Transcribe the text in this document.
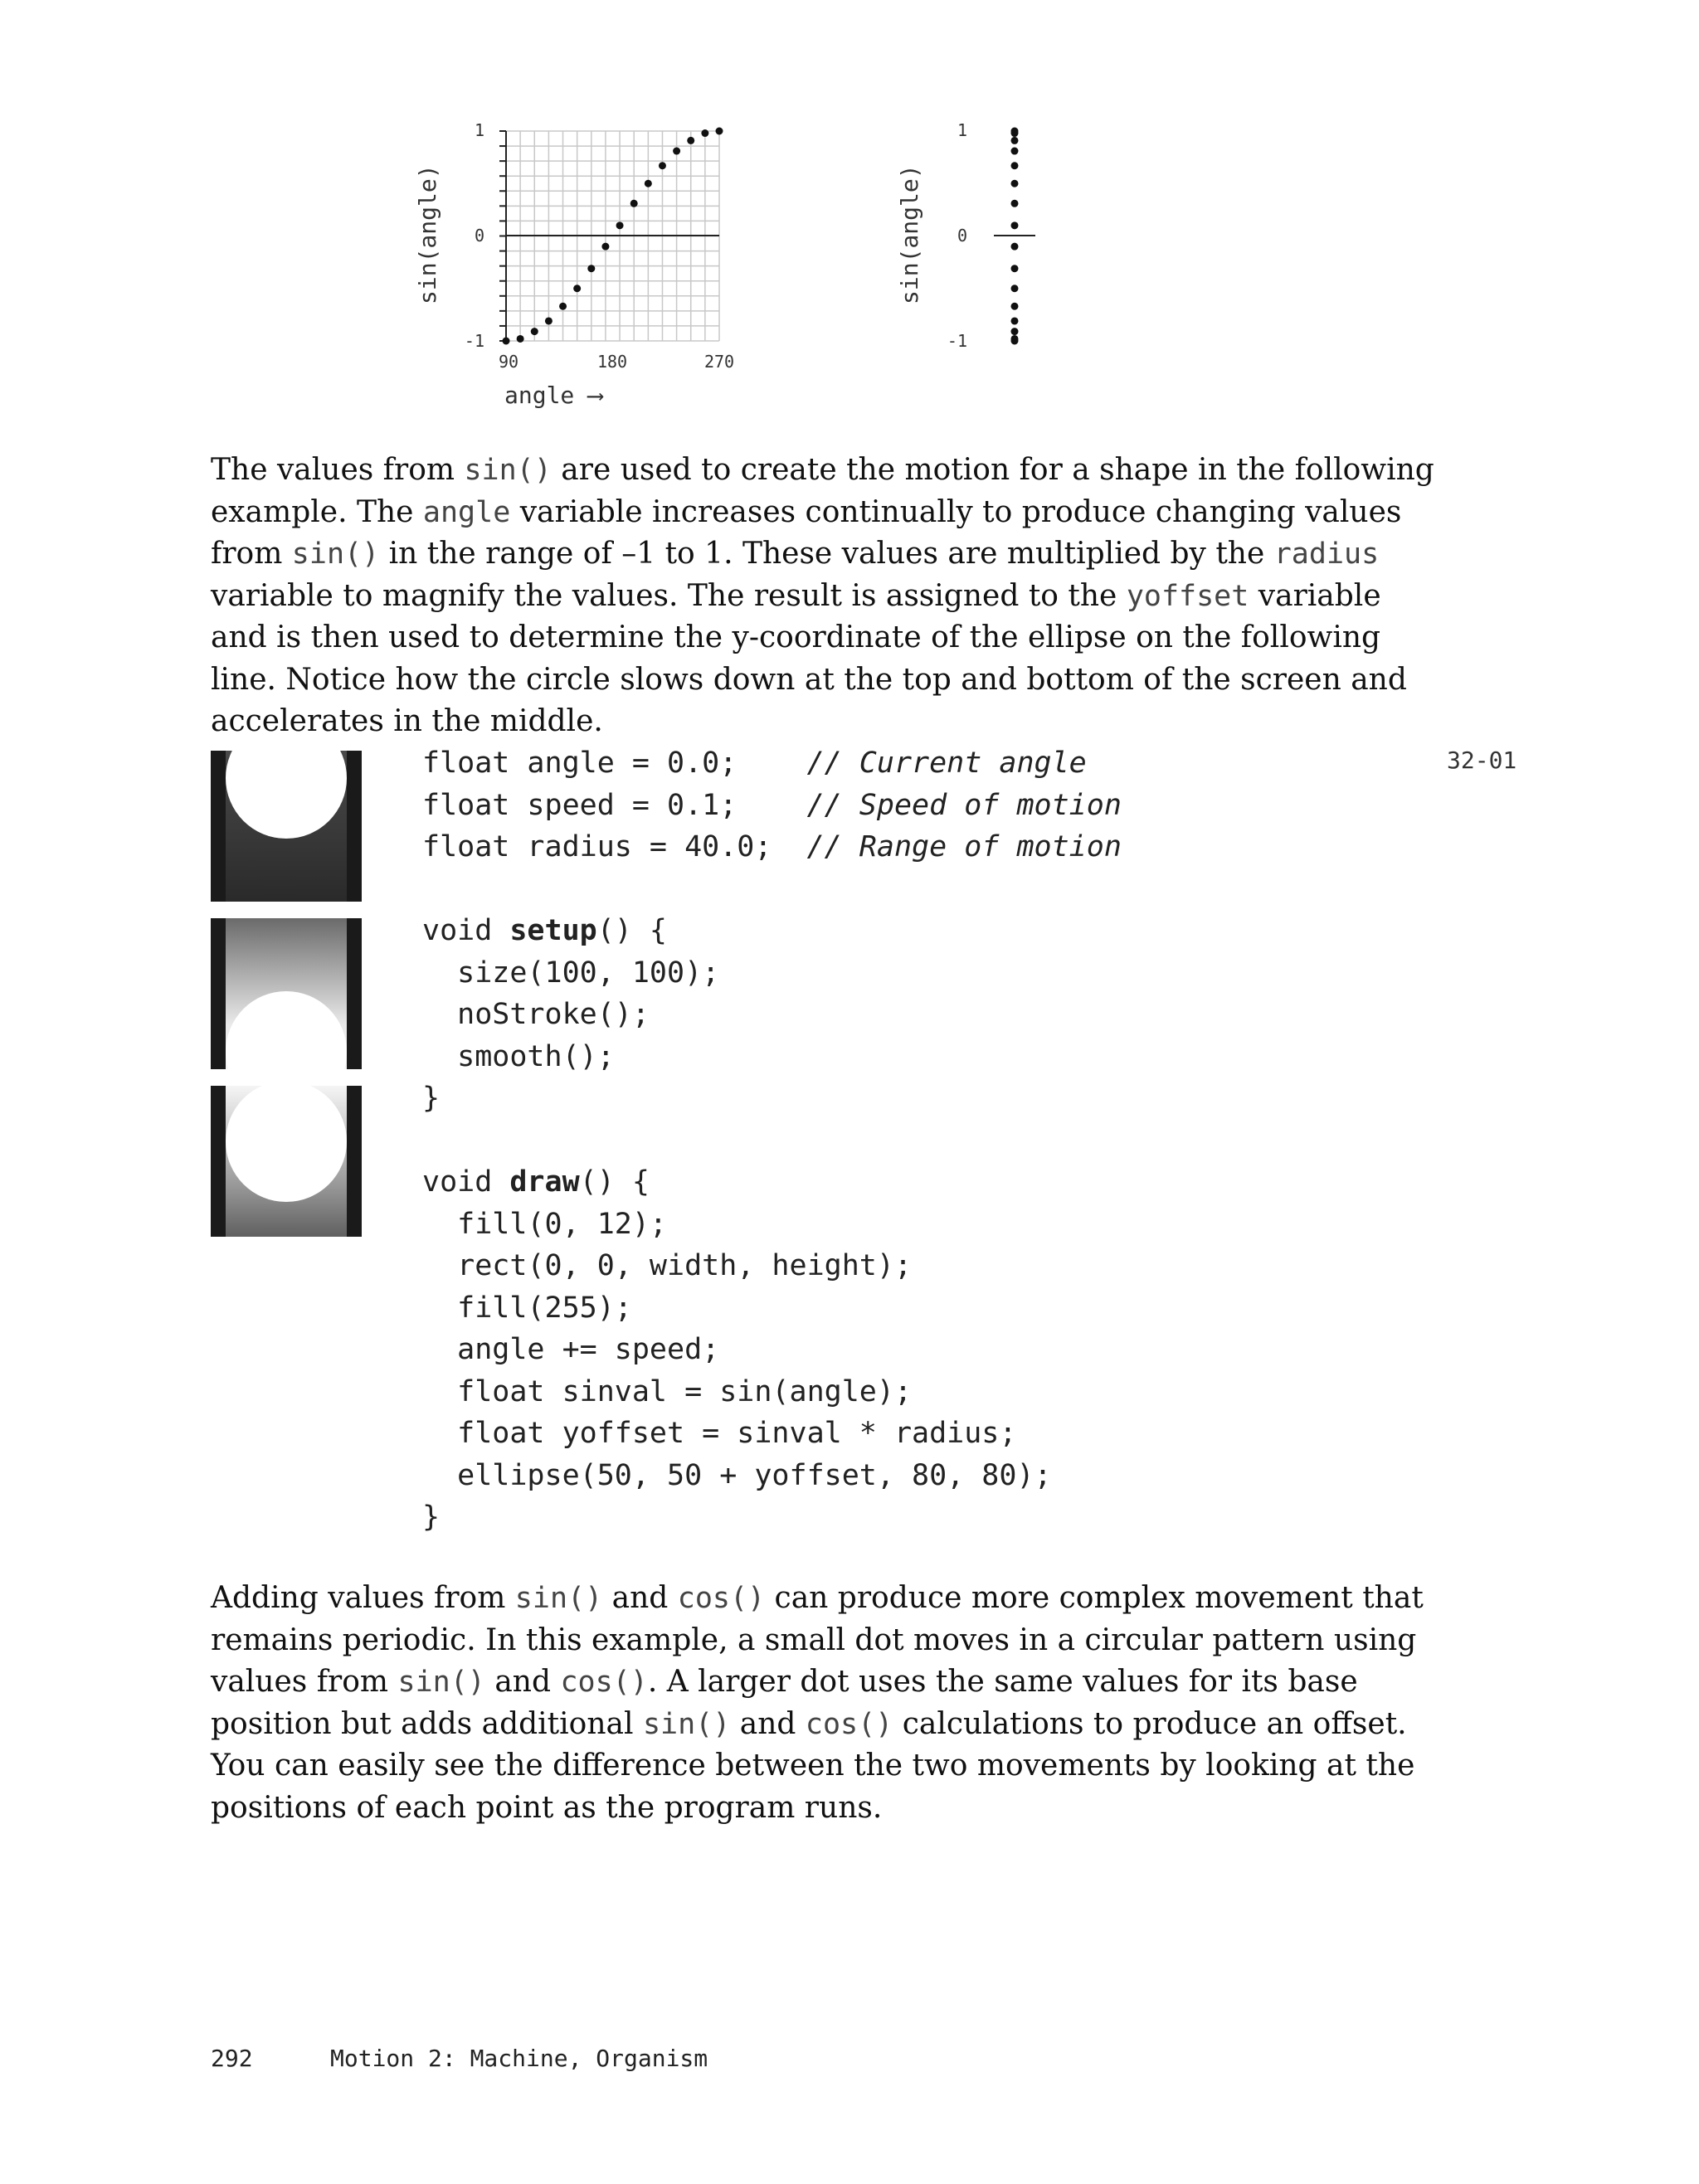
sin(angle)
1
0
-1
90	180	270
angle ⟶
sin(angle)
1
0
-1

The values from sin() are used to create the motion for a shape in the following example. The angle variable increases continually to produce changing values from sin() in the range of –1 to 1. These values are multiplied by the radius variable to magnify the values. The result is assigned to the yoffset variable and is then used to determine the y-coordinate of the ellipse on the following line. Notice how the circle slows down at the top and bottom of the screen and accelerates in the middle.

float angle = 0.0;    // Current angle
float speed = 0.1;    // Speed of motion
float radius = 40.0;  // Range of motion
void setup() {
size(100, 100);
noStroke();
smooth();
}
void draw() {
fill(0, 12);
rect(0, 0, width, height);
fill(255);
angle += speed;
float sinval = sin(angle);
float yoffset = sinval * radius;
ellipse(50, 50 + yoffset, 80, 80);
}
32-01

Adding values from sin() and cos() can produce more complex movement that remains periodic. In this example, a small dot moves in a circular pattern using values from sin() and cos(). A larger dot uses the same values for its base position but adds additional sin() and cos() calculations to produce an offset. You can easily see the difference between the two movements by looking at the positions of each point as the program runs.

292	Motion 2: Machine, Organism
